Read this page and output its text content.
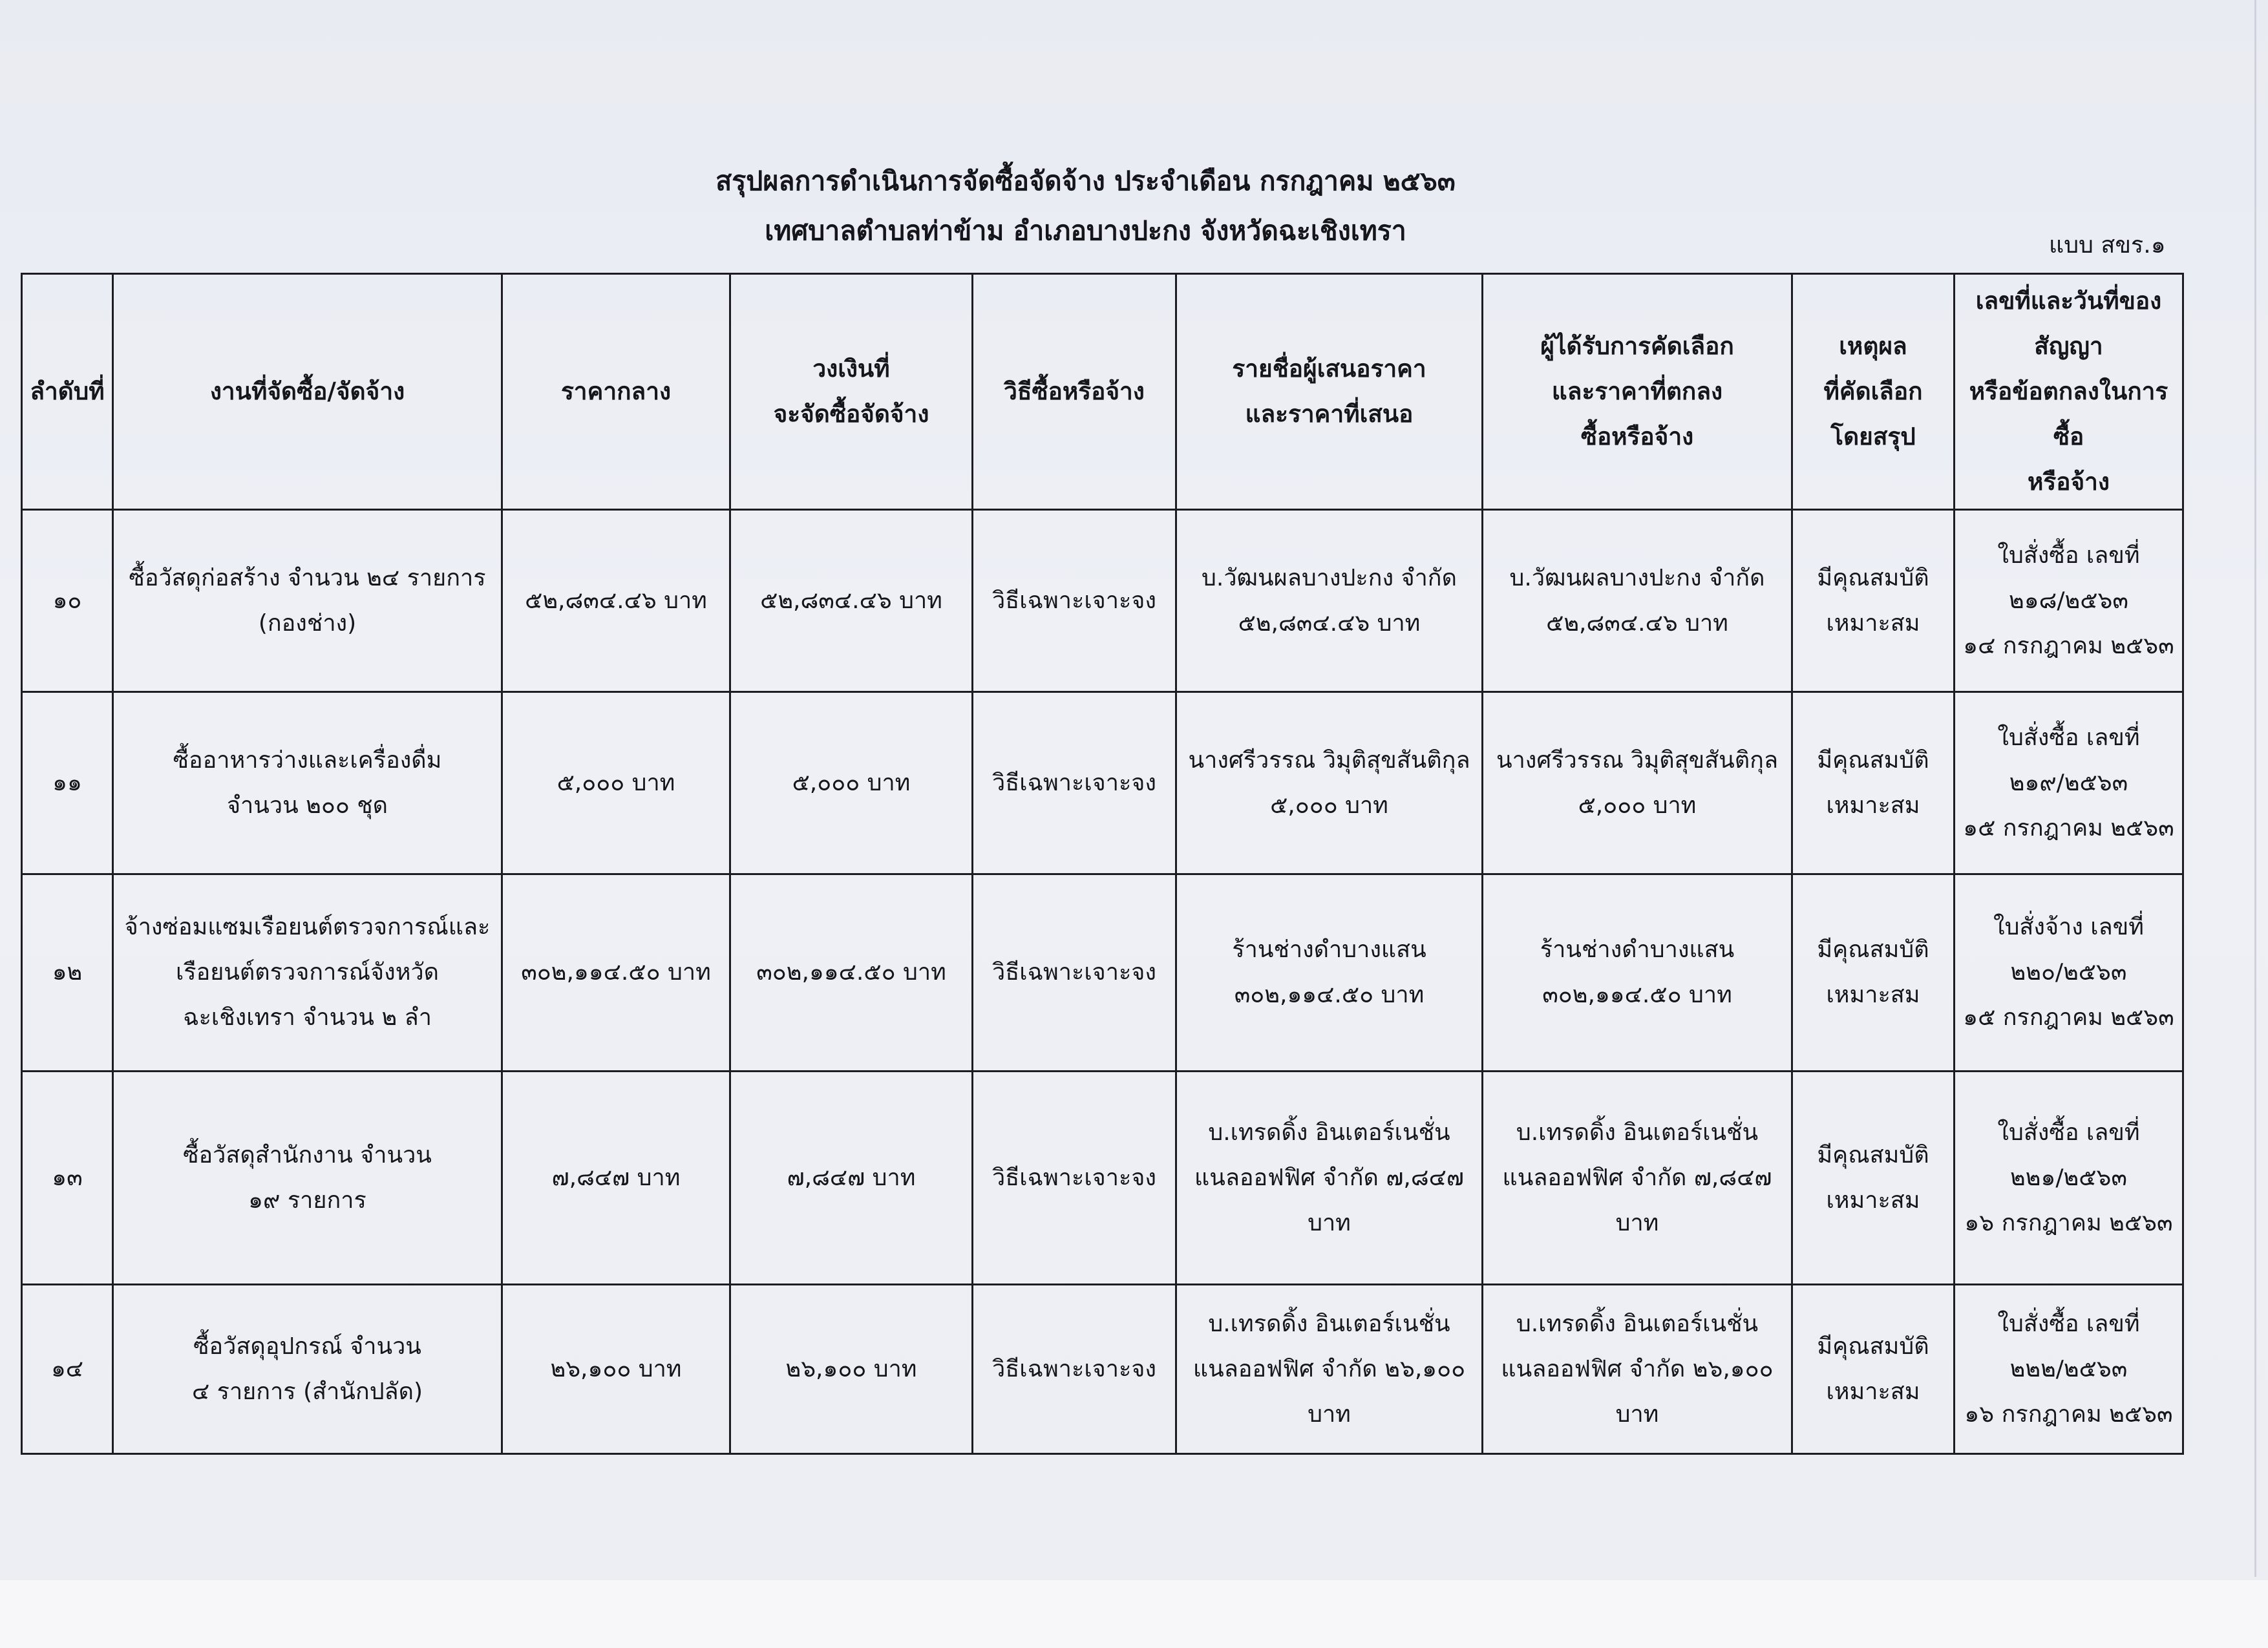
สรุปผลการดำเนินการจัดซื้อจัดจ้าง ประจำเดือน กรกฎาคม ๒๕๖๓
เทศบาลตำบลท่าข้าม อำเภอบางปะกง จังหวัดฉะเชิงเทรา	แบบ สขร.๑
ลำดับที่	งานที่จัดซื้อ/จัดจ้าง	ราคากลาง	วงเงินที่
จะจัดซื้อจัดจ้าง	วิธีซื้อหรือจ้าง	รายชื่อผู้เสนอราคา
และราคาที่เสนอ	ผู้ได้รับการคัดเลือก
และราคาที่ตกลง
ซื้อหรือจ้าง	เหตุผล
ที่คัดเลือก
โดยสรุป	เลขที่และวันที่ของ
สัญญา
หรือข้อตกลงในการซื้อ
หรือจ้าง

๑๐	ซื้อวัสดุก่อสร้าง จำนวน ๒๔ รายการ
(กองช่าง)	๕๒,๘๓๔.๔๖ บาท	๕๒,๘๓๔.๔๖ บาท	วิธีเฉพาะเจาะจง	บ.วัฒนผลบางปะกง จำกัด
๕๒,๘๓๔.๔๖ บาท	บ.วัฒนผลบางปะกง จำกัด
๕๒,๘๓๔.๔๖ บาท	มีคุณสมบัติ
เหมาะสม	ใบสั่งซื้อ เลขที่
๒๑๘/๒๕๖๓
๑๔ กรกฎาคม ๒๕๖๓

๑๑	ซื้ออาหารว่างและเครื่องดื่ม
จำนวน ๒๐๐ ชุด	๕,๐๐๐ บาท	๕,๐๐๐ บาท	วิธีเฉพาะเจาะจง	นางศรีวรรณ วิมุติสุขสันติกุล
๕,๐๐๐ บาท	นางศรีวรรณ วิมุติสุขสันติกุล
๕,๐๐๐ บาท	มีคุณสมบัติ
เหมาะสม	ใบสั่งซื้อ เลขที่
๒๑๙/๒๕๖๓
๑๕ กรกฎาคม ๒๕๖๓

๑๒	จ้างซ่อมแซมเรือยนต์ตรวจการณ์และ
เรือยนต์ตรวจการณ์จังหวัด
ฉะเชิงเทรา จำนวน ๒ ลำ	๓๐๒,๑๑๔.๕๐ บาท	๓๐๒,๑๑๔.๕๐ บาท	วิธีเฉพาะเจาะจง	ร้านช่างดำบางแสน
๓๐๒,๑๑๔.๕๐ บาท	ร้านช่างดำบางแสน
๓๐๒,๑๑๔.๕๐ บาท	มีคุณสมบัติ
เหมาะสม	ใบสั่งจ้าง เลขที่
๒๒๐/๒๕๖๓
๑๕ กรกฎาคม ๒๕๖๓

๑๓	ซื้อวัสดุสำนักงาน จำนวน
๑๙ รายการ	๗,๘๔๗ บาท	๗,๘๔๗ บาท	วิธีเฉพาะเจาะจง	บ.เทรดดิ้ง อินเตอร์เนชั่น
แนลออฟฟิศ จำกัด ๗,๘๔๗
บาท	บ.เทรดดิ้ง อินเตอร์เนชั่น
แนลออฟฟิศ จำกัด ๗,๘๔๗
บาท	มีคุณสมบัติ
เหมาะสม	ใบสั่งซื้อ เลขที่
๒๒๑/๒๕๖๓
๑๖ กรกฎาคม ๒๕๖๓

๑๔	ซื้อวัสดุอุปกรณ์ จำนวน
๔ รายการ (สำนักปลัด)	๒๖,๑๐๐ บาท	๒๖,๑๐๐ บาท	วิธีเฉพาะเจาะจง	บ.เทรดดิ้ง อินเตอร์เนชั่น
แนลออฟฟิศ จำกัด ๒๖,๑๐๐
บาท	บ.เทรดดิ้ง อินเตอร์เนชั่น
แนลออฟฟิศ จำกัด ๒๖,๑๐๐
บาท	มีคุณสมบัติ
เหมาะสม	ใบสั่งซื้อ เลขที่
๒๒๒/๒๕๖๓
๑๖ กรกฎาคม ๒๕๖๓
